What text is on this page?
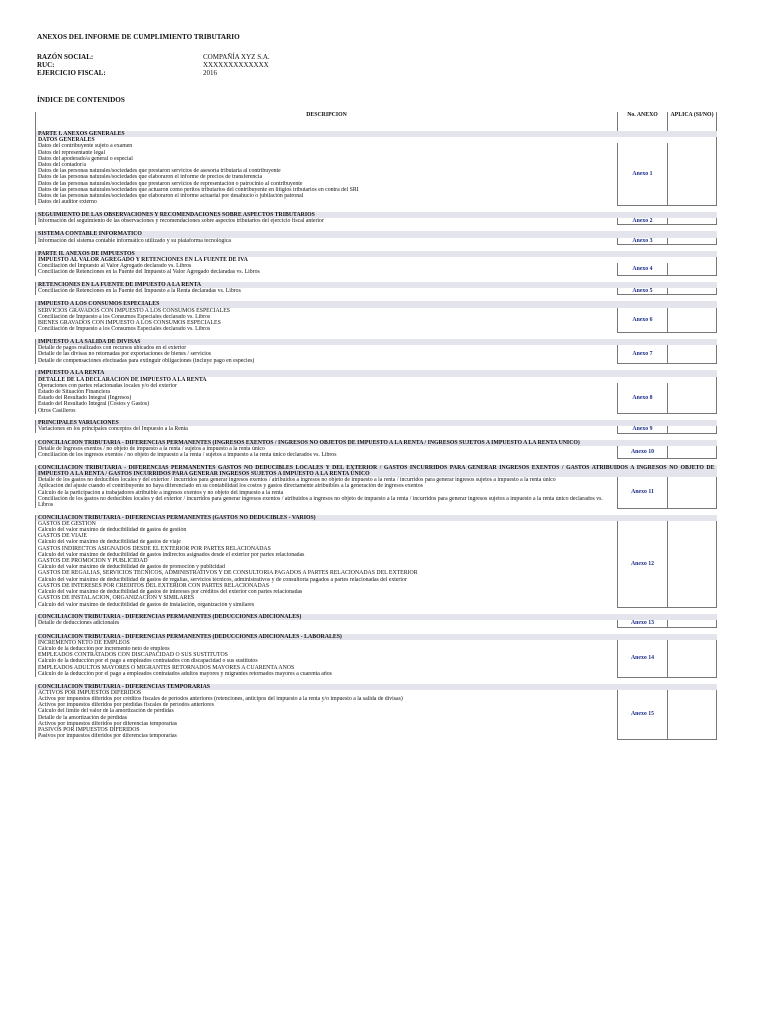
ANEXOS DEL INFORME DE CUMPLIMIENTO TRIBUTARIO
RAZÓN SOCIAL:	COMPAÑÍA XYZ S.A.
RUC:	XXXXXXXXXXXXX
EJERCICIO FISCAL:	2016
ÍNDICE DE CONTENIDOS
DESCRIPCIÓN	No. ANEXO	APLICA (SI/NO)
PARTE I. ANEXOS GENERALES		
DATOS GENERALES		
Datos del contribuyente sujeto a examen	Anexo 1	
Datos del representante legal		
Datos del apoderado/a general o especial		
Datos del contador/a		
Datos de las personas naturales/sociedades que prestaron servicios de asesoría tributaria al contribuyente		
Datos de las personas naturales/sociedades que elaboraron el informe de precios de transferencia		
Datos de las personas naturales/sociedades que prestaron servicios de representación o patrocinio al contribuyente		
Datos de las personas naturales/sociedades que actuaron como peritos tributarios del contribuyente en litigios tributarios en contra del SRI		
Datos de las personas naturales/sociedades que elaboraron el informe actuarial por desahucio o jubilación patronal		
Datos del auditor externo		

SEGUIMIENTO DE LAS OBSERVACIONES Y RECOMENDACIONES SOBRE ASPECTOS TRIBUTARIOS		
Información del seguimiento de las observaciones y recomendaciones sobre aspectos tributarios del ejercicio fiscal anterior	Anexo 2	

SISTEMA CONTABLE INFORMÁTICO		
Información del sistema contable informático utilizado y su plataforma tecnológica	Anexo 3	

PARTE II. ANEXOS DE IMPUESTOS		
IMPUESTO AL VALOR AGREGADO Y RETENCIONES EN LA FUENTE DE IVA		
Conciliación del Impuesto al Valor Agregado declarado vs. Libros	Anexo 4	
Conciliación de Retenciones en la Fuente del Impuesto al Valor Agregado declaradas vs. Libros		

RETENCIONES EN LA FUENTE DE IMPUESTO A LA RENTA		
Conciliación de Retenciones en la Fuente del Impuesto a la Renta declaradas vs. Libros	Anexo 5	

IMPUESTO A LOS CONSUMOS ESPECIALES		
SERVICIOS GRAVADOS CON IMPUESTO A LOS CONSUMOS ESPECIALES	Anexo 6	
Conciliación de Impuesto a los Consumos Especiales declarado vs. Libros		
BIENES GRAVADOS CON IMPUESTO A LOS CONSUMOS ESPECIALES		
Conciliación de Impuesto a los Consumos Especiales declarado vs. Libros		

IMPUESTO A LA SALIDA DE DIVISAS		
Detalle de pagos realizados con recursos ubicados en el exterior	Anexo 7	
Detalle de las divisas no retornadas por exportaciones de bienes / servicios		
Detalle de compensaciones efectuadas para extinguir obligaciones (incluye pago en especies)		

IMPUESTO A LA RENTA		
DETALLE DE LA DECLARACIÓN DE IMPUESTO A LA RENTA		
Operaciones con partes relacionadas locales y/o del exterior	Anexo 8	
Estado de Situación Financiera		
Estado del Resultado Integral (Ingresos)		
Estado del Resultado Integral (Costos y Gastos)		
Otros Casilleros		

PRINCIPALES VARIACIONES		
Variaciones en los principales conceptos del Impuesto a la Renta	Anexo 9	

CONCILIACIÓN TRIBUTARIA - DIFERENCIAS PERMANENTES (INGRESOS EXENTOS / INGRESOS NO OBJETOS DE IMPUESTO A LA RENTA / INGRESOS SUJETOS A IMPUESTO A LA RENTA ÚNICO)		
Detalle de Ingresos exentos / no objeto de impuesto a la renta / sujetos a impuesto a la renta único	Anexo 10	
Conciliación de los ingresos exentos / no objeto de impuesto a la renta / sujetos a impuesto a la renta único declarados vs. Libros		

CONCILIACIÓN TRIBUTARIA - DIFERENCIAS PERMANENTES GASTOS NO DEDUCIBLES LOCALES Y DEL EXTERIOR / GASTOS INCURRIDOS PARA GENERAR INGRESOS EXENTOS / GASTOS ATRIBUIDOS A INGRESOS NO OBJETO DE IMPUESTO A LA RENTA / GASTOS INCURRIDOS PARA GENERAR INGRESOS SUJETOS A IMPUESTO A LA RENTA ÚNICO		
Detalle de los gastos no deducibles locales y del exterior / incurridos para generar ingresos exentos / atribuidos a ingresos no objeto de impuesto a la renta / incurridos para generar ingresos sujetos a impuesto a la renta único	Anexo 11	
Aplicación del ajuste cuando el contribuyente no haya diferenciado en su contabilidad los costos y gastos directamente atribuibles a la generación de ingresos exentos		
Cálculo de la participación a trabajadores atribuible a ingresos exentos y no objeto del impuesto a la renta		
Conciliación de los gastos no deducibles locales y del exterior / incurridos para generar ingresos exentos / atribuidos a ingresos no objeto de impuesto a la renta / incurridos para generar ingresos sujetos a impuesto a la renta único declarados vs. Libros		

CONCILIACIÓN TRIBUTARIA - DIFERENCIAS PERMANENTES (GASTOS NO DEDUCIBLES - VARIOS)		
GASTOS DE GESTIÓN	Anexo 12	
Cálculo del valor máximo de deducibilidad de gastos de gestión		
GASTOS DE VIAJE		
Cálculo del valor máximo de deducibilidad de gastos de viaje		
GASTOS INDIRECTOS ASIGNADOS DESDE EL EXTERIOR POR PARTES RELACIONADAS		
Cálculo del valor máximo de deducibilidad de gastos indirectos asignados desde el exterior por partes relacionadas		
GASTOS DE PROMOCIÓN Y PUBLICIDAD		
Cálculo del valor máximo de deducibilidad de gastos de promoción y publicidad		
GASTOS DE REGALÍAS, SERVICIOS TÉCNICOS, ADMINISTRATIVOS Y DE CONSULTORÍA PAGADOS A PARTES RELACIONADAS DEL EXTERIOR		
Cálculo del valor máximo de deducibilidad de gastos de regalías, servicios técnicos, administrativos y de consultoría pagados a partes relacionadas del exterior		
GASTOS DE INTERESES POR CRÉDITOS DEL EXTERIOR CON PARTES RELACIONADAS		
Cálculo del valor máximo de deducibilidad de gastos de intereses por créditos del exterior con partes relacionadas		
GASTOS DE INSTALACIÓN, ORGANIZACIÓN Y SIMILARES		
Cálculo del valor máximo de deducibilidad de gastos de instalación, organización y similares		

CONCILIACIÓN TRIBUTARIA - DIFERENCIAS PERMANENTES (DEDUCCIONES ADICIONALES)		
Detalle de deducciones adicionales	Anexo 13	

CONCILIACIÓN TRIBUTARIA - DIFERENCIAS PERMANENTES (DEDUCCIONES ADICIONALES - LABORALES)		
INCREMENTO NETO DE EMPLEOS	Anexo 14	
Cálculo de la deducción por incremento neto de empleos		
EMPLEADOS CONTRATADOS CON DISCAPACIDAD O SUS SUSTITUTOS		
Cálculo de la deducción por el pago a empleados contratados con discapacidad o sus sustitutos		
EMPLEADOS ADULTOS MAYORES O MIGRANTES RETORNADOS MAYORES A CUARENTA AÑOS		
Cálculo de la deducción por el pago a empleados contratados adultos mayores y migrantes retornados mayores a cuarenta años		

CONCILIACIÓN TRIBUTARIA - DIFERENCIAS TEMPORARIAS		
ACTIVOS POR IMPUESTOS DIFERIDOS	Anexo 15	
Activos por impuestos diferidos por créditos fiscales de períodos anteriores (retenciones, anticipos del impuesto a la renta y/o impuesto a la salida de divisas)		
Activos por impuestos diferidos por pérdidas fiscales de períodos anteriores		
Cálculo del límite del valor de la amortización de pérdidas		
Detalle de la amortización de pérdidas		
Activos por impuestos diferidos por diferencias temporarias		
PASIVOS POR IMPUESTOS DIFERIDOS		
Pasivos por impuestos diferidos por diferencias temporarias		
